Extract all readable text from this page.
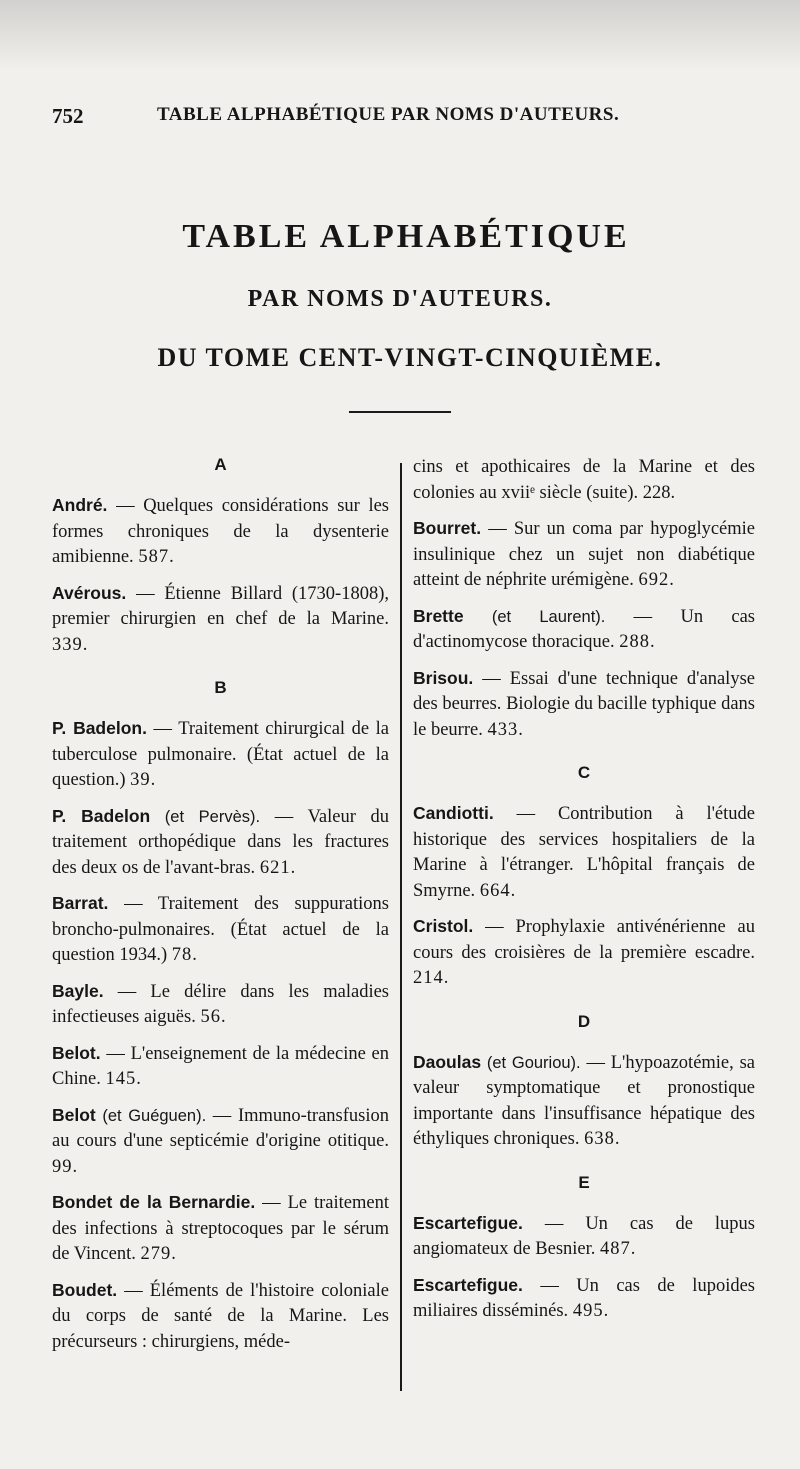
752	TABLE ALPHABÉTIQUE PAR NOMS D'AUTEURS.
TABLE ALPHABÉTIQUE
PAR NOMS D'AUTEURS.
DU TOME CENT-VINGT-CINQUIÈME.
A
André. — Quelques considérations sur les formes chroniques de la dysenterie amibienne. 587.
Avérous. — Étienne Billard (1730-1808), premier chirurgien en chef de la Marine. 339.
B
P. Badelon. — Traitement chirurgical de la tuberculose pulmonaire. (État actuel de la question.) 39.
P. Badelon (et Pervès). — Valeur du traitement orthopédique dans les fractures des deux os de l'avant-bras. 621.
Barrat. — Traitement des suppurations broncho-pulmonaires. (État actuel de la question 1934.) 78.
Bayle. — Le délire dans les maladies infectieuses aiguës. 56.
Belot. — L'enseignement de la médecine en Chine. 145.
Belot (et Guéguen). — Immuno-transfusion au cours d'une septicémie d'origine otitique. 99.
Bondet de la Bernardie. — Le traitement des infections à streptocoques par le sérum de Vincent. 279.
Boudet. — Éléments de l'histoire coloniale du corps de santé de la Marine. Les précurseurs : chirurgiens, méde-
cins et apothicaires de la Marine et des colonies au xviiᵉ siècle (suite). 228.
Bourret. — Sur un coma par hypoglycémie insulinique chez un sujet non diabétique atteint de néphrite urémigène. 692.
Brette (et Laurent). — Un cas d'actinomycose thoracique. 288.
Brisou. — Essai d'une technique d'analyse des beurres. Biologie du bacille typhique dans le beurre. 433.
C
Candiotti. — Contribution à l'étude historique des services hospitaliers de la Marine à l'étranger. L'hôpital français de Smyrne. 664.
Cristol. — Prophylaxie antivénérienne au cours des croisières de la première escadre. 214.
D
Daoulas (et Gouriou). — L'hypoazotémie, sa valeur symptomatique et pronostique importante dans l'insuffisance hépatique des éthyliques chroniques. 638.
E
Escartefigue. — Un cas de lupus angiomateux de Besnier. 487.
Escartefigue. — Un cas de lupoides miliaires disséminés. 495.
